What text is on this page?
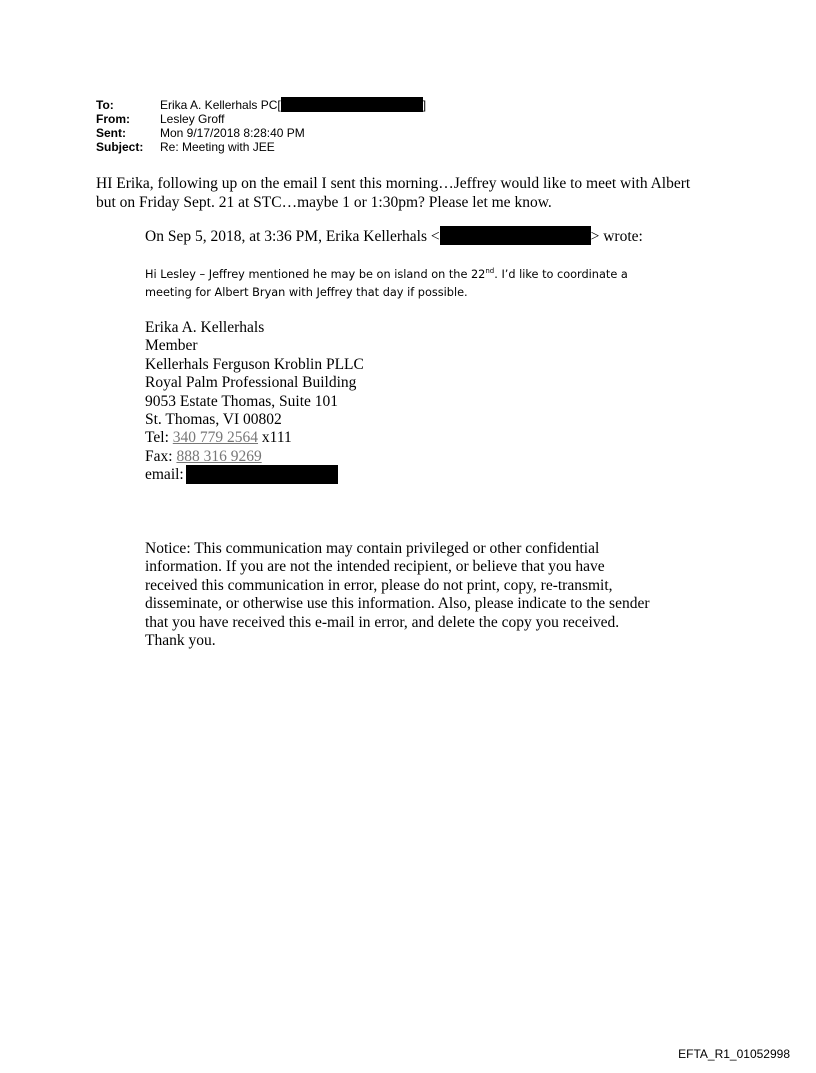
To:	Erika A. Kellerhals PC[	]
From:	Lesley Groff
Sent:	Mon 9/17/2018 8:28:40 PM
Subject:	Re: Meeting with JEE
HI Erika, following up on the email I sent this morning…Jeffrey would like to meet with Albert
but on Friday Sept. 21 at STC…maybe 1 or 1:30pm? Please let me know.
On Sep 5, 2018, at 3:36 PM, Erika Kellerhals <	> wrote:
Hi Lesley – Jeffrey mentioned he may be on island on the 22nd. I’d like to coordinate a
meeting for Albert Bryan with Jeffrey that day if possible.
Erika A. Kellerhals
Member
Kellerhals Ferguson Kroblin PLLC
Royal Palm Professional Building
9053 Estate Thomas, Suite 101
St. Thomas, VI 00802
Tel: 340 779 2564 x111
Fax: 888 316 9269
email:
Notice: This communication may contain privileged or other confidential
information. If you are not the intended recipient, or believe that you have
received this communication in error, please do not print, copy, re-transmit,
disseminate, or otherwise use this information. Also, please indicate to the sender
that you have received this e-mail in error, and delete the copy you received.
Thank you.
EFTA_R1_01052998
